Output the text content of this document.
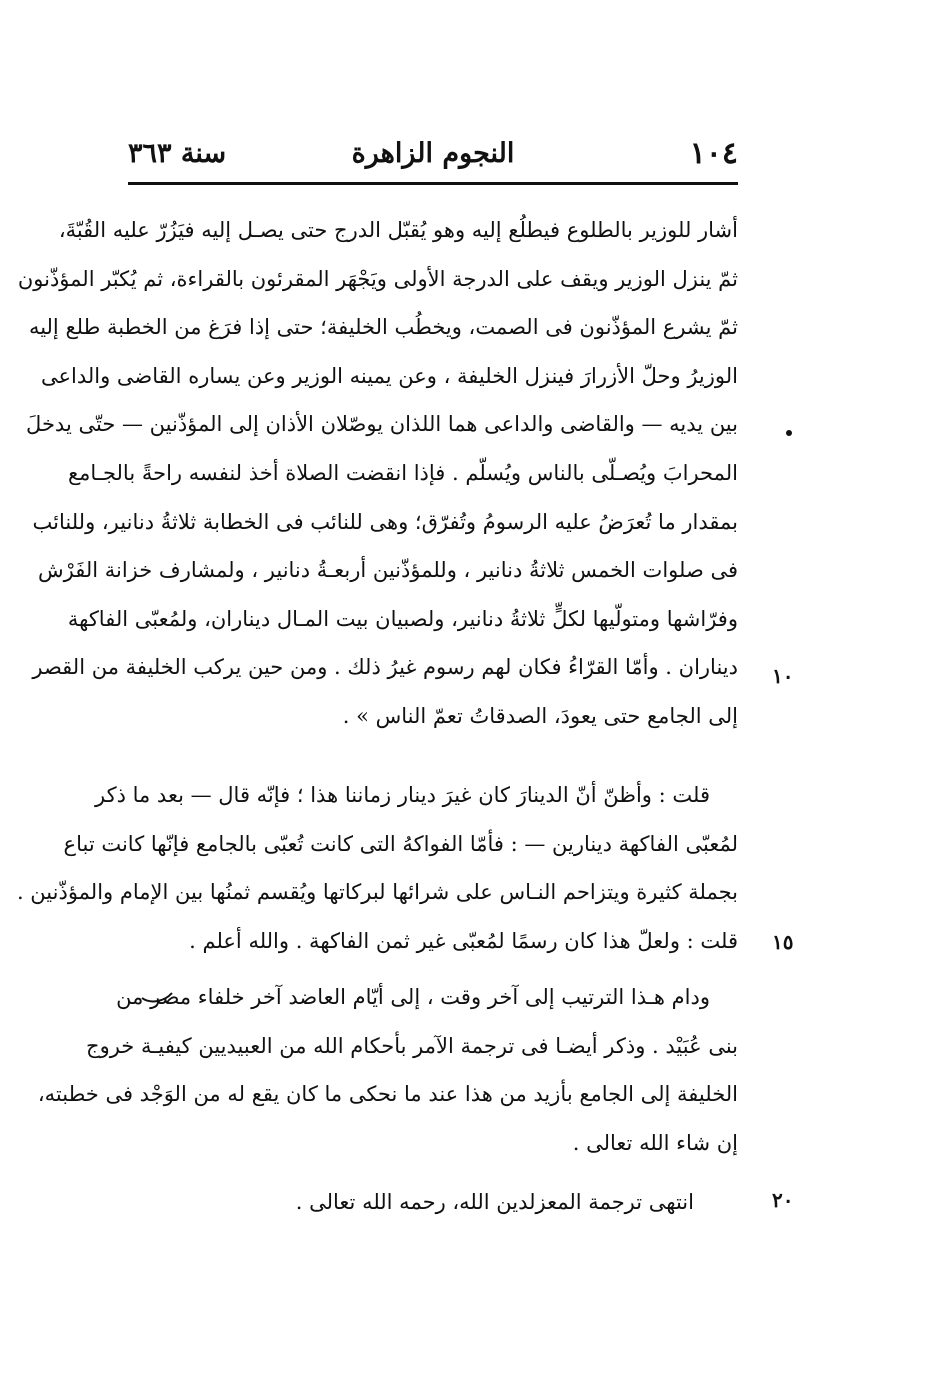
١٠٤
النجوم الزاهرة
سنة ٣٦٣
أشار للوزير بالطلوع فيطلُع إليه وهو يُقبّل الدرج حتى يصـل إليه فيَزُرّ عليه القُبّةَ،
ثمّ ينزل الوزير ويقف على الدرجة الأولى ويَجْهَر المقرئون بالقراءة، ثم يُكبّر المؤذّنون
ثمّ يشرع المؤذّنون فى الصمت، ويخطُب الخليفة؛ حتى إذا فرَغ من الخطبة طلع إليه
الوزيرُ وحلّ الأزرارَ فينزل الخليفة ، وعن يمينه الوزير وعن يساره القاضى والداعى
بين يديه — والقاضى والداعى هما اللذان يوصّلان الأذان إلى المؤذّنين — حتّى يدخلَ
المحرابَ ويُصـلّى بالناس ويُسلّم . فإذا انقضت الصلاة أخذ لنفسه راحةً بالجـامع
بمقدار ما تُعرَضُ عليه الرسومُ وتُفرّق؛ وهى للنائب فى الخطابة ثلاثةُ دنانير، وللنائب
فى صلوات الخمس ثلاثةُ دنانير ، وللمؤذّنين أربعـةُ دنانير ، ولمشارف خزانة الفَرْش
وفرّاشها ومتولّيها لكلٍّ ثلاثةُ دنانير، ولصبيان بيت المـال ديناران، ولمُعبّى الفاكهة
ديناران . وأمّا القرّاءُ فكان لهم رسوم غيرُ ذلك . ومن حين يركب الخليفة من القصر
إلى الجامع حتى يعودَ، الصدقاتُ تعمّ الناس » .
قلت : وأظنّ أنّ الدينارَ كان غيرَ دينار زماننا هذا ؛ فإنّه قال — بعد ما ذكر
لمُعبّى الفاكهة دينارين — : فأمّا الفواكهُ التى كانت تُعبّى بالجامع فإنّها كانت تباع
بجملة كثيرة ويتزاحم النـاس على شرائها لبركاتها ويُقسم ثمنُها بين الإمام والمؤذّنين .
قلت : ولعلّ هذا كان رسمًا لمُعبّى غير ثمن الفاكهة . والله أعلم .
ودام هـذا الترتيب إلى آخر وقت ، إلى أيّام العاضد آخر خلفاء مصر من
بنى عُبَيْد . وذكر أيضـا فى ترجمة الآمر بأحكام الله من العبيديين كيفيـة خروج
الخليفة إلى الجامع بأزيد من هذا عند ما نحكى ما كان يقع له من الوَجْد فى خطبته،
إن شاء الله تعالى .
انتهى ترجمة المعزلدين الله، رحمه الله تعالى .
١٠
١٥
٢٠
